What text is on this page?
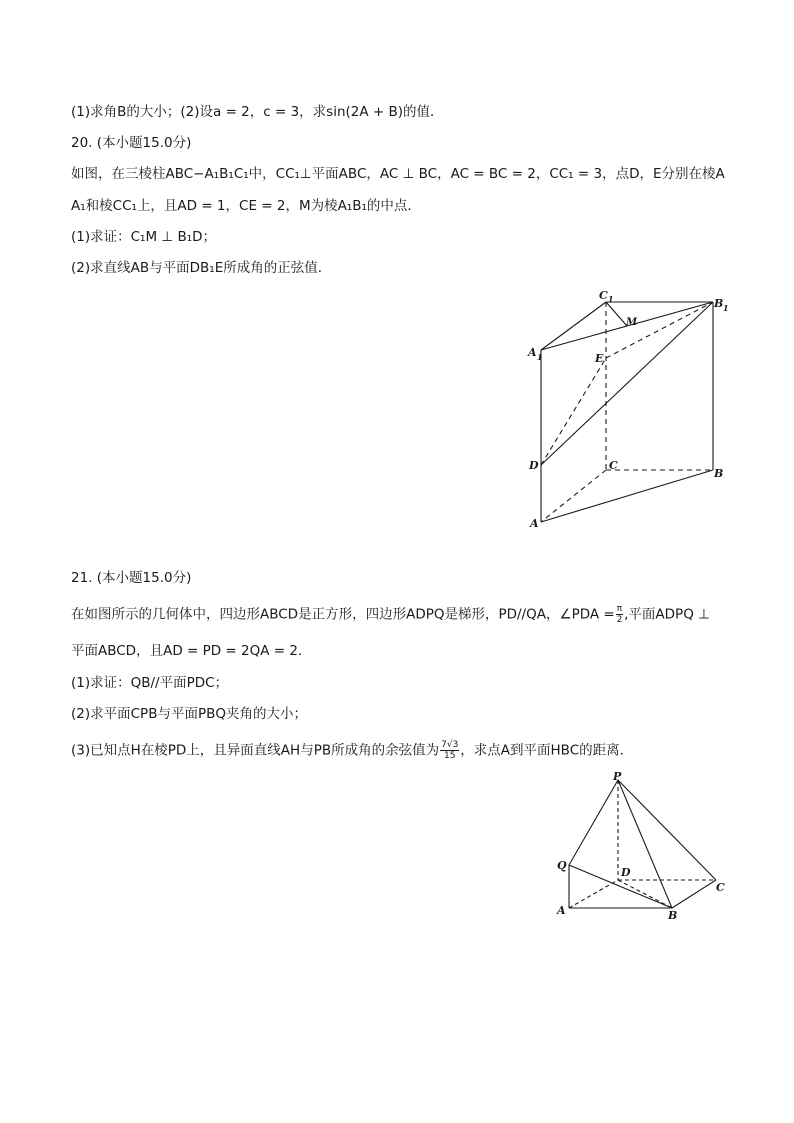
(1)求角B的大小；(2)设a = 2，c = 3，求sin(2A + B)的值．
20. (本小题15.0分)
如图，在三棱柱ABC−A₁B₁C₁中，CC₁⊥平面ABC，AC ⊥ BC，AC = BC = 2，CC₁ = 3，点D，E分别在棱A
A₁和棱CC₁上，且AD = 1，CE = 2，M为棱A₁B₁的中点．
(1)求证：C₁M ⊥ B₁D；
(2)求直线AB与平面DB₁E所成角的正弦值．
C 1	B 1
A 1
M
E
D	C
B
A
21. (本小题15.0分)
在如图所示的几何体中，四边形ABCD是正方形，四边形ADPQ是梯形，PD//QA，∠PDA = $\frac{\pi}{2}$ ,平面ADPQ ⊥
平面ABCD，且AD = PD = 2QA = 2．
(1)求证：QB//平面PDC；
(2)求平面CPB与平面PBQ夹角的大小；
(3)已知点H在棱PD上，且异面直线AH与PB所成角的余弦值为 $\frac{7√3}{15}$ ，求点A到平面HBC的距离．
P
Q
D
C
A	B
